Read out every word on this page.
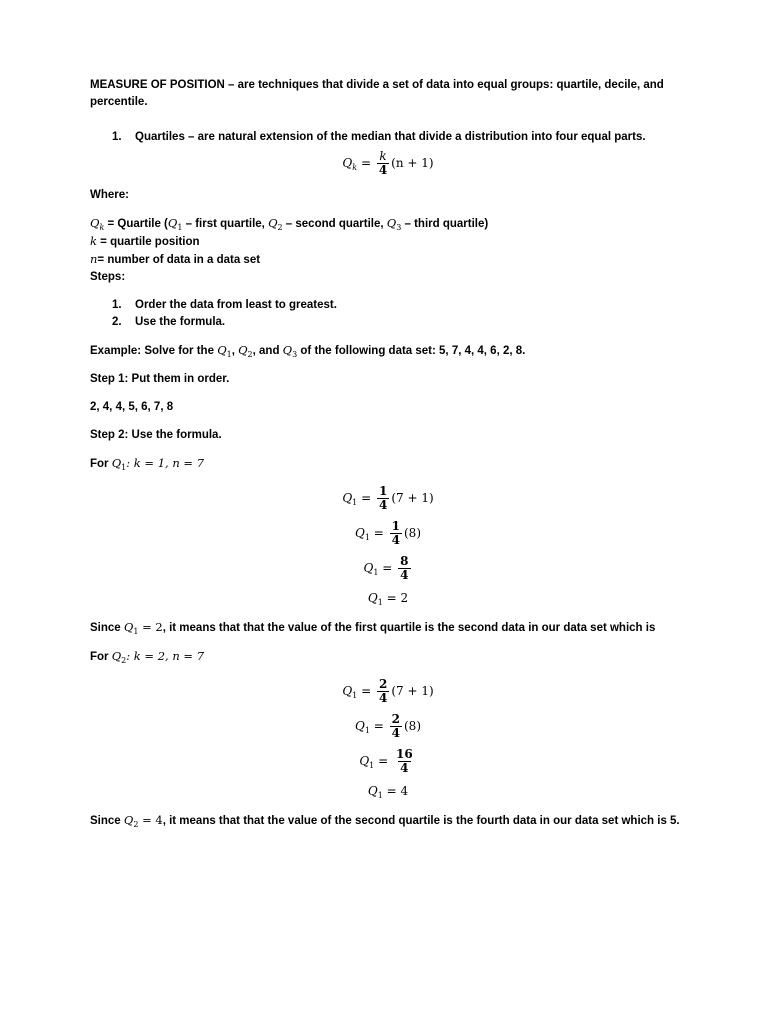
MEASURE OF POSITION – are techniques that divide a set of data into equal groups: quartile, decile, and percentile.

1. Quartiles – are natural extension of the median that divide a distribution into four equal parts.

$Q_k = \frac{k}{4} (n + 1)$

Where:

$Q_k$ = Quartile ($Q_1$ – first quartile, $Q_2$ – second quartile, $Q_3$ – third quartile)

k = quartile position

n= number of data in a data set

Steps:

1. Order the data from least to greatest.
2. Use the formula.

Example: Solve for the $Q_1$, $Q_2$, and $Q_3$ of the following data set: 5, 7, 4, 4, 6, 2, 8.

Step 1: Put them in order.

2, 4, 4, 5, 6, 7, 8

Step 2: Use the formula.

For $Q_1$: k = 1, n = 7

$Q_1 = \frac{1}{4} (7 + 1)$

$Q_1 = \frac{1}{4} (8)$

$Q_1 = \frac{8}{4}$

$Q_1 = 2$

Since $Q_1 = 2$, it means that that the value of the first quartile is the second data in our data set which is

For $Q_2$: k = 2, n = 7

$Q_1 = \frac{2}{4} (7 + 1)$

$Q_1 = \frac{2}{4} (8)$

$Q_1 = \frac{16}{4}$

$Q_1 = 4$

Since $Q_2 = 4$, it means that that the value of the second quartile is the fourth data in our data set which is 5.
